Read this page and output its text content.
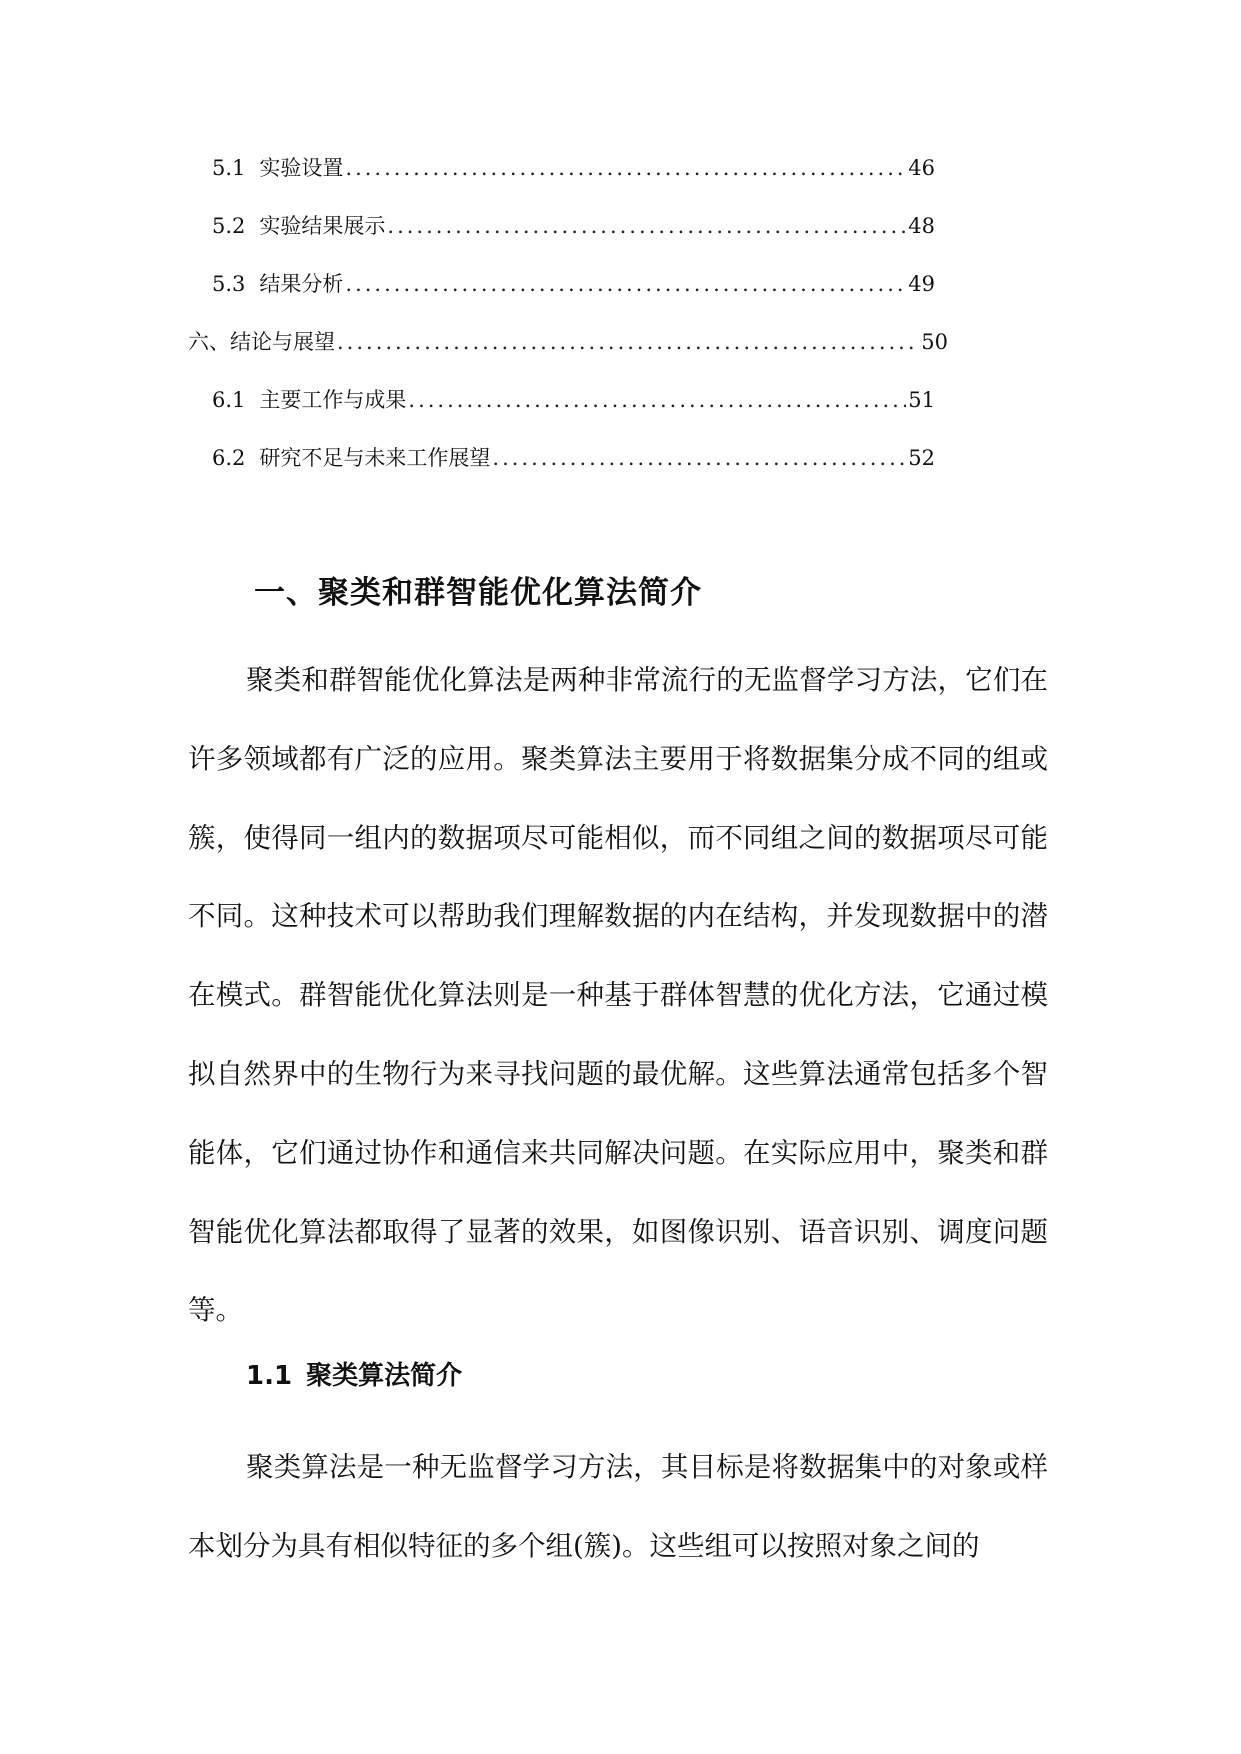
5.1 实验设置 .....	46
5.2 实验结果展示 .....	48
5.3 结果分析 .....	49
六、结论与展望 .....	50
6.1 主要工作与成果 .....	51
6.2 研究不足与未来工作展望 .....	52
一、聚类和群智能优化算法简介

聚类和群智能优化算法是两种非常流行的无监督学习方法，它们在许多领域都有广泛的应用。聚类算法主要用于将数据集分成不同的组或簇，使得同一组内的数据项尽可能相似，而不同组之间的数据项尽可能不同。这种技术可以帮助我们理解数据的内在结构，并发现数据中的潜在模式。群智能优化算法则是一种基于群体智慧的优化方法，它通过模拟自然界中的生物行为来寻找问题的最优解。这些算法通常包括多个智能体，它们通过协作和通信来共同解决问题。在实际应用中，聚类和群智能优化算法都取得了显著的效果，如图像识别、语音识别、调度问题等。

1.1 聚类算法简介

聚类算法是一种无监督学习方法，其目标是将数据集中的对象或样本划分为具有相似特征的多个组(簇)。这些组可以按照对象之间的
